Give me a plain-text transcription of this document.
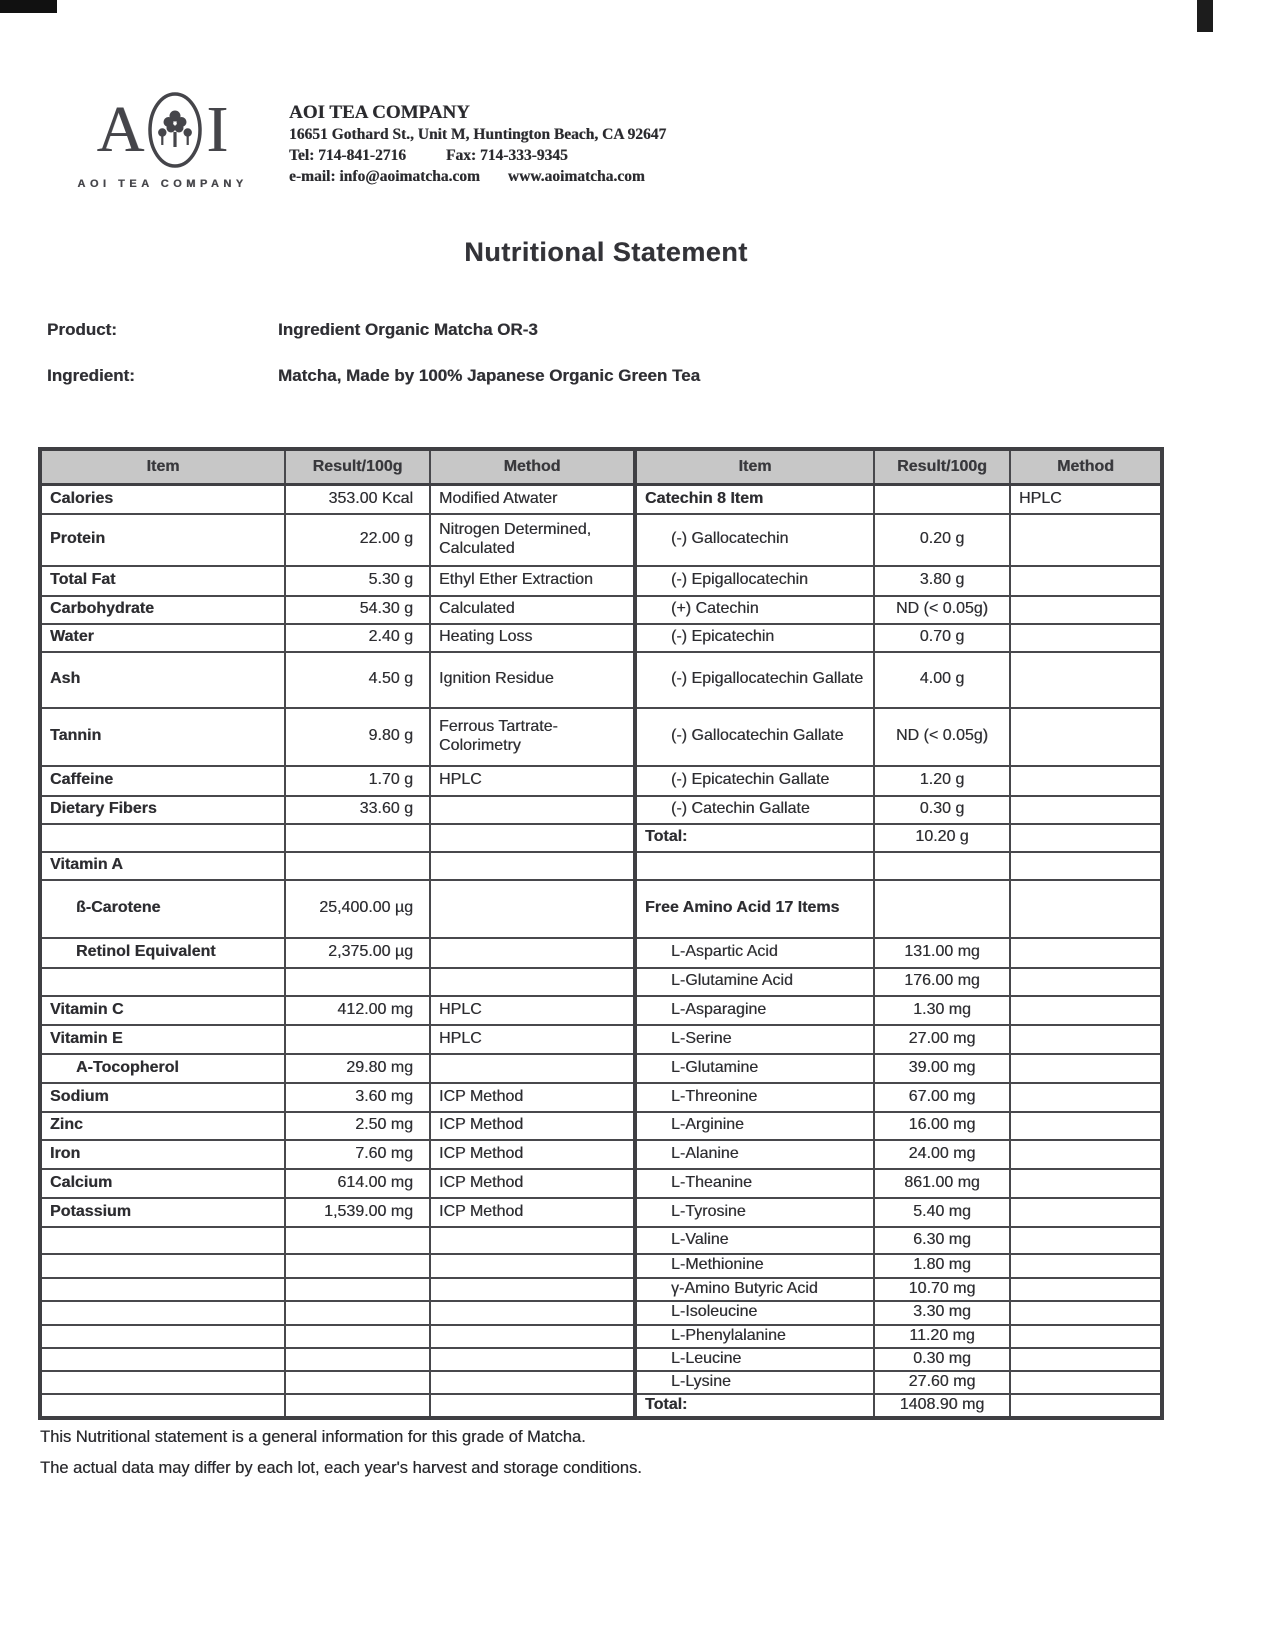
A I
AOI TEA COMPANY
AOI TEA COMPANY
16651 Gothard St., Unit M, Huntington Beach, CA 92647
Tel: 714-841-2716	Fax: 714-333-9345
e-mail: info@aoimatcha.com www.aoimatcha.com
Nutritional Statement
Product:	Ingredient Organic Matcha OR-3
Ingredient:	Matcha, Made by 100% Japanese Organic Green Tea
Item	Result/100g	Method	Item	Result/100g	Method
Calories	353.00 Kcal	Modified Atwater	Catechin 8 Item		HPLC
Protein	22.00 g	Nitrogen Determined, Calculated	(-) Gallocatechin	0.20 g	
Total Fat	5.30 g	Ethyl Ether Extraction	(-) Epigallocatechin	3.80 g	
Carbohydrate	54.30 g	Calculated	(+) Catechin	ND (< 0.05g)	
Water	2.40 g	Heating Loss	(-) Epicatechin	0.70 g	
Ash	4.50 g	Ignition Residue	(-) Epigallocatechin Gallate	4.00 g	
Tannin	9.80 g	Ferrous Tartrate-Colorimetry	(-) Gallocatechin Gallate	ND (< 0.05g)	
Caffeine	1.70 g	HPLC	(-) Epicatechin Gallate	1.20 g	
Dietary Fibers	33.60 g		(-) Catechin Gallate	0.30 g	
			Total:	10.20 g	
Vitamin A					
ß-Carotene	25,400.00 µg		Free Amino Acid 17 Items		
Retinol Equivalent	2,375.00 µg		L-Aspartic Acid	131.00 mg	
			L-Glutamine Acid	176.00 mg	
Vitamin C	412.00 mg	HPLC	L-Asparagine	1.30 mg	
Vitamin E		HPLC	L-Serine	27.00 mg	
A-Tocopherol	29.80 mg		L-Glutamine	39.00 mg	
Sodium	3.60 mg	ICP Method	L-Threonine	67.00 mg	
Zinc	2.50 mg	ICP Method	L-Arginine	16.00 mg	
Iron	7.60 mg	ICP Method	L-Alanine	24.00 mg	
Calcium	614.00 mg	ICP Method	L-Theanine	861.00 mg	
Potassium	1,539.00 mg	ICP Method	L-Tyrosine	5.40 mg	
			L-Valine	6.30 mg	
			L-Methionine	1.80 mg	
			γ-Amino Butyric Acid	10.70 mg	
			L-Isoleucine	3.30 mg	
			L-Phenylalanine	11.20 mg	
			L-Leucine	0.30 mg	
			L-Lysine	27.60 mg	
			Total:	1408.90 mg	
This Nutritional statement is a general information for this grade of Matcha.
The actual data may differ by each lot, each year's harvest and storage conditions.
